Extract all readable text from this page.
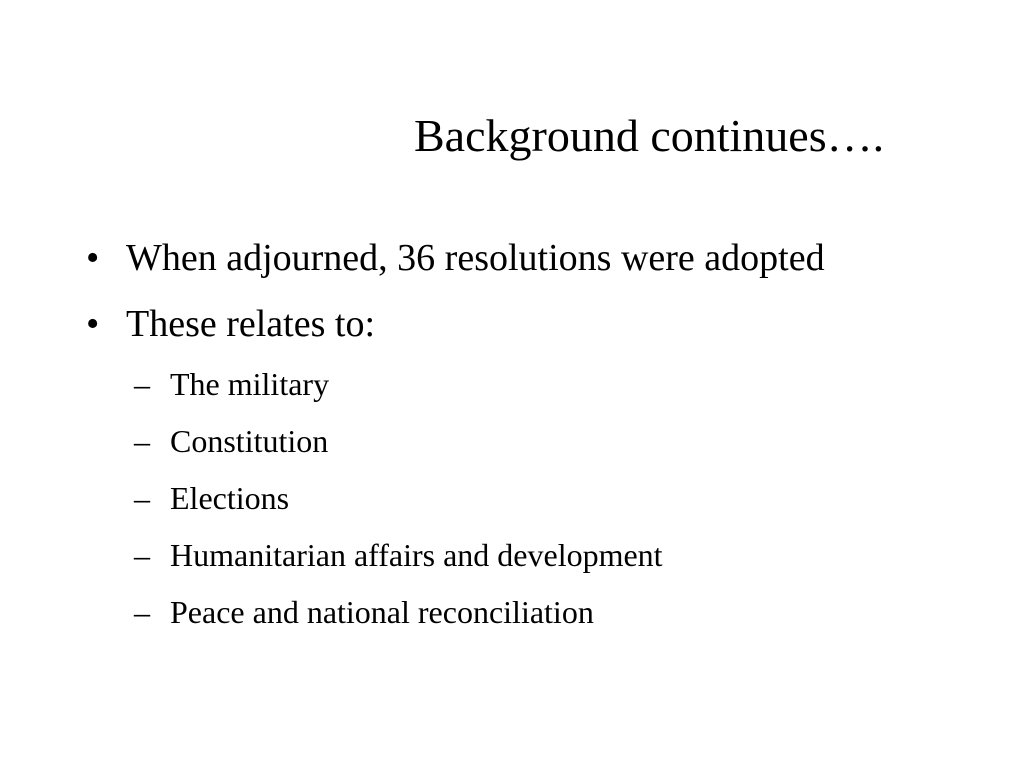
Background continues….
• When adjourned, 36 resolutions were adopted
• These relates to:
– The military
– Constitution
– Elections
– Humanitarian affairs and development
– Peace and national reconciliation
